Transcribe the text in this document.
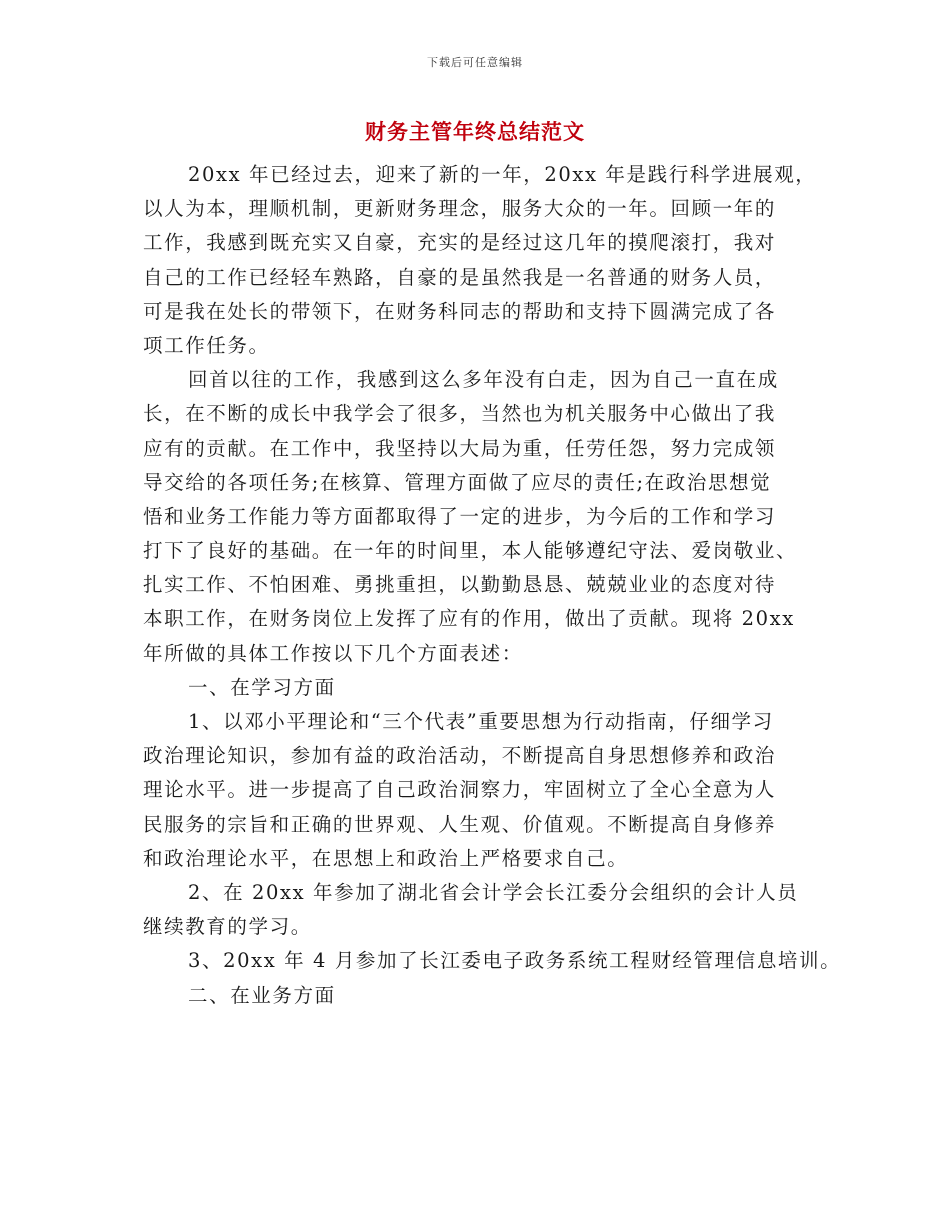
下载后可任意编辑
财务主管年终总结范文
20xx 年已经过去，迎来了新的一年，20xx 年是践行科学进展观，
以人为本，理顺机制，更新财务理念，服务大众的一年。回顾一年的
工作，我感到既充实又自豪，充实的是经过这几年的摸爬滚打，我对
自己的工作已经轻车熟路，自豪的是虽然我是一名普通的财务人员，
可是我在处长的带领下，在财务科同志的帮助和支持下圆满完成了各
项工作任务。
回首以往的工作，我感到这么多年没有白走，因为自己一直在成
长，在不断的成长中我学会了很多，当然也为机关服务中心做出了我
应有的贡献。在工作中，我坚持以大局为重，任劳任怨，努力完成领
导交给的各项任务;在核算、管理方面做了应尽的责任;在政治思想觉
悟和业务工作能力等方面都取得了一定的进步，为今后的工作和学习
打下了良好的基础。在一年的时间里，本人能够遵纪守法、爱岗敬业、
扎实工作、不怕困难、勇挑重担，以勤勤恳恳、兢兢业业的态度对待
本职工作，在财务岗位上发挥了应有的作用，做出了贡献。现将 20xx
年所做的具体工作按以下几个方面表述：
一、在学习方面
1、以邓小平理论和“三个代表”重要思想为行动指南，仔细学习
政治理论知识，参加有益的政治活动，不断提高自身思想修养和政治
理论水平。进一步提高了自己政治洞察力，牢固树立了全心全意为人
民服务的宗旨和正确的世界观、人生观、价值观。不断提高自身修养
和政治理论水平，在思想上和政治上严格要求自己。
2、在 20xx 年参加了湖北省会计学会长江委分会组织的会计人员
继续教育的学习。
3、20xx 年 4 月参加了长江委电子政务系统工程财经管理信息培训。
二、在业务方面
